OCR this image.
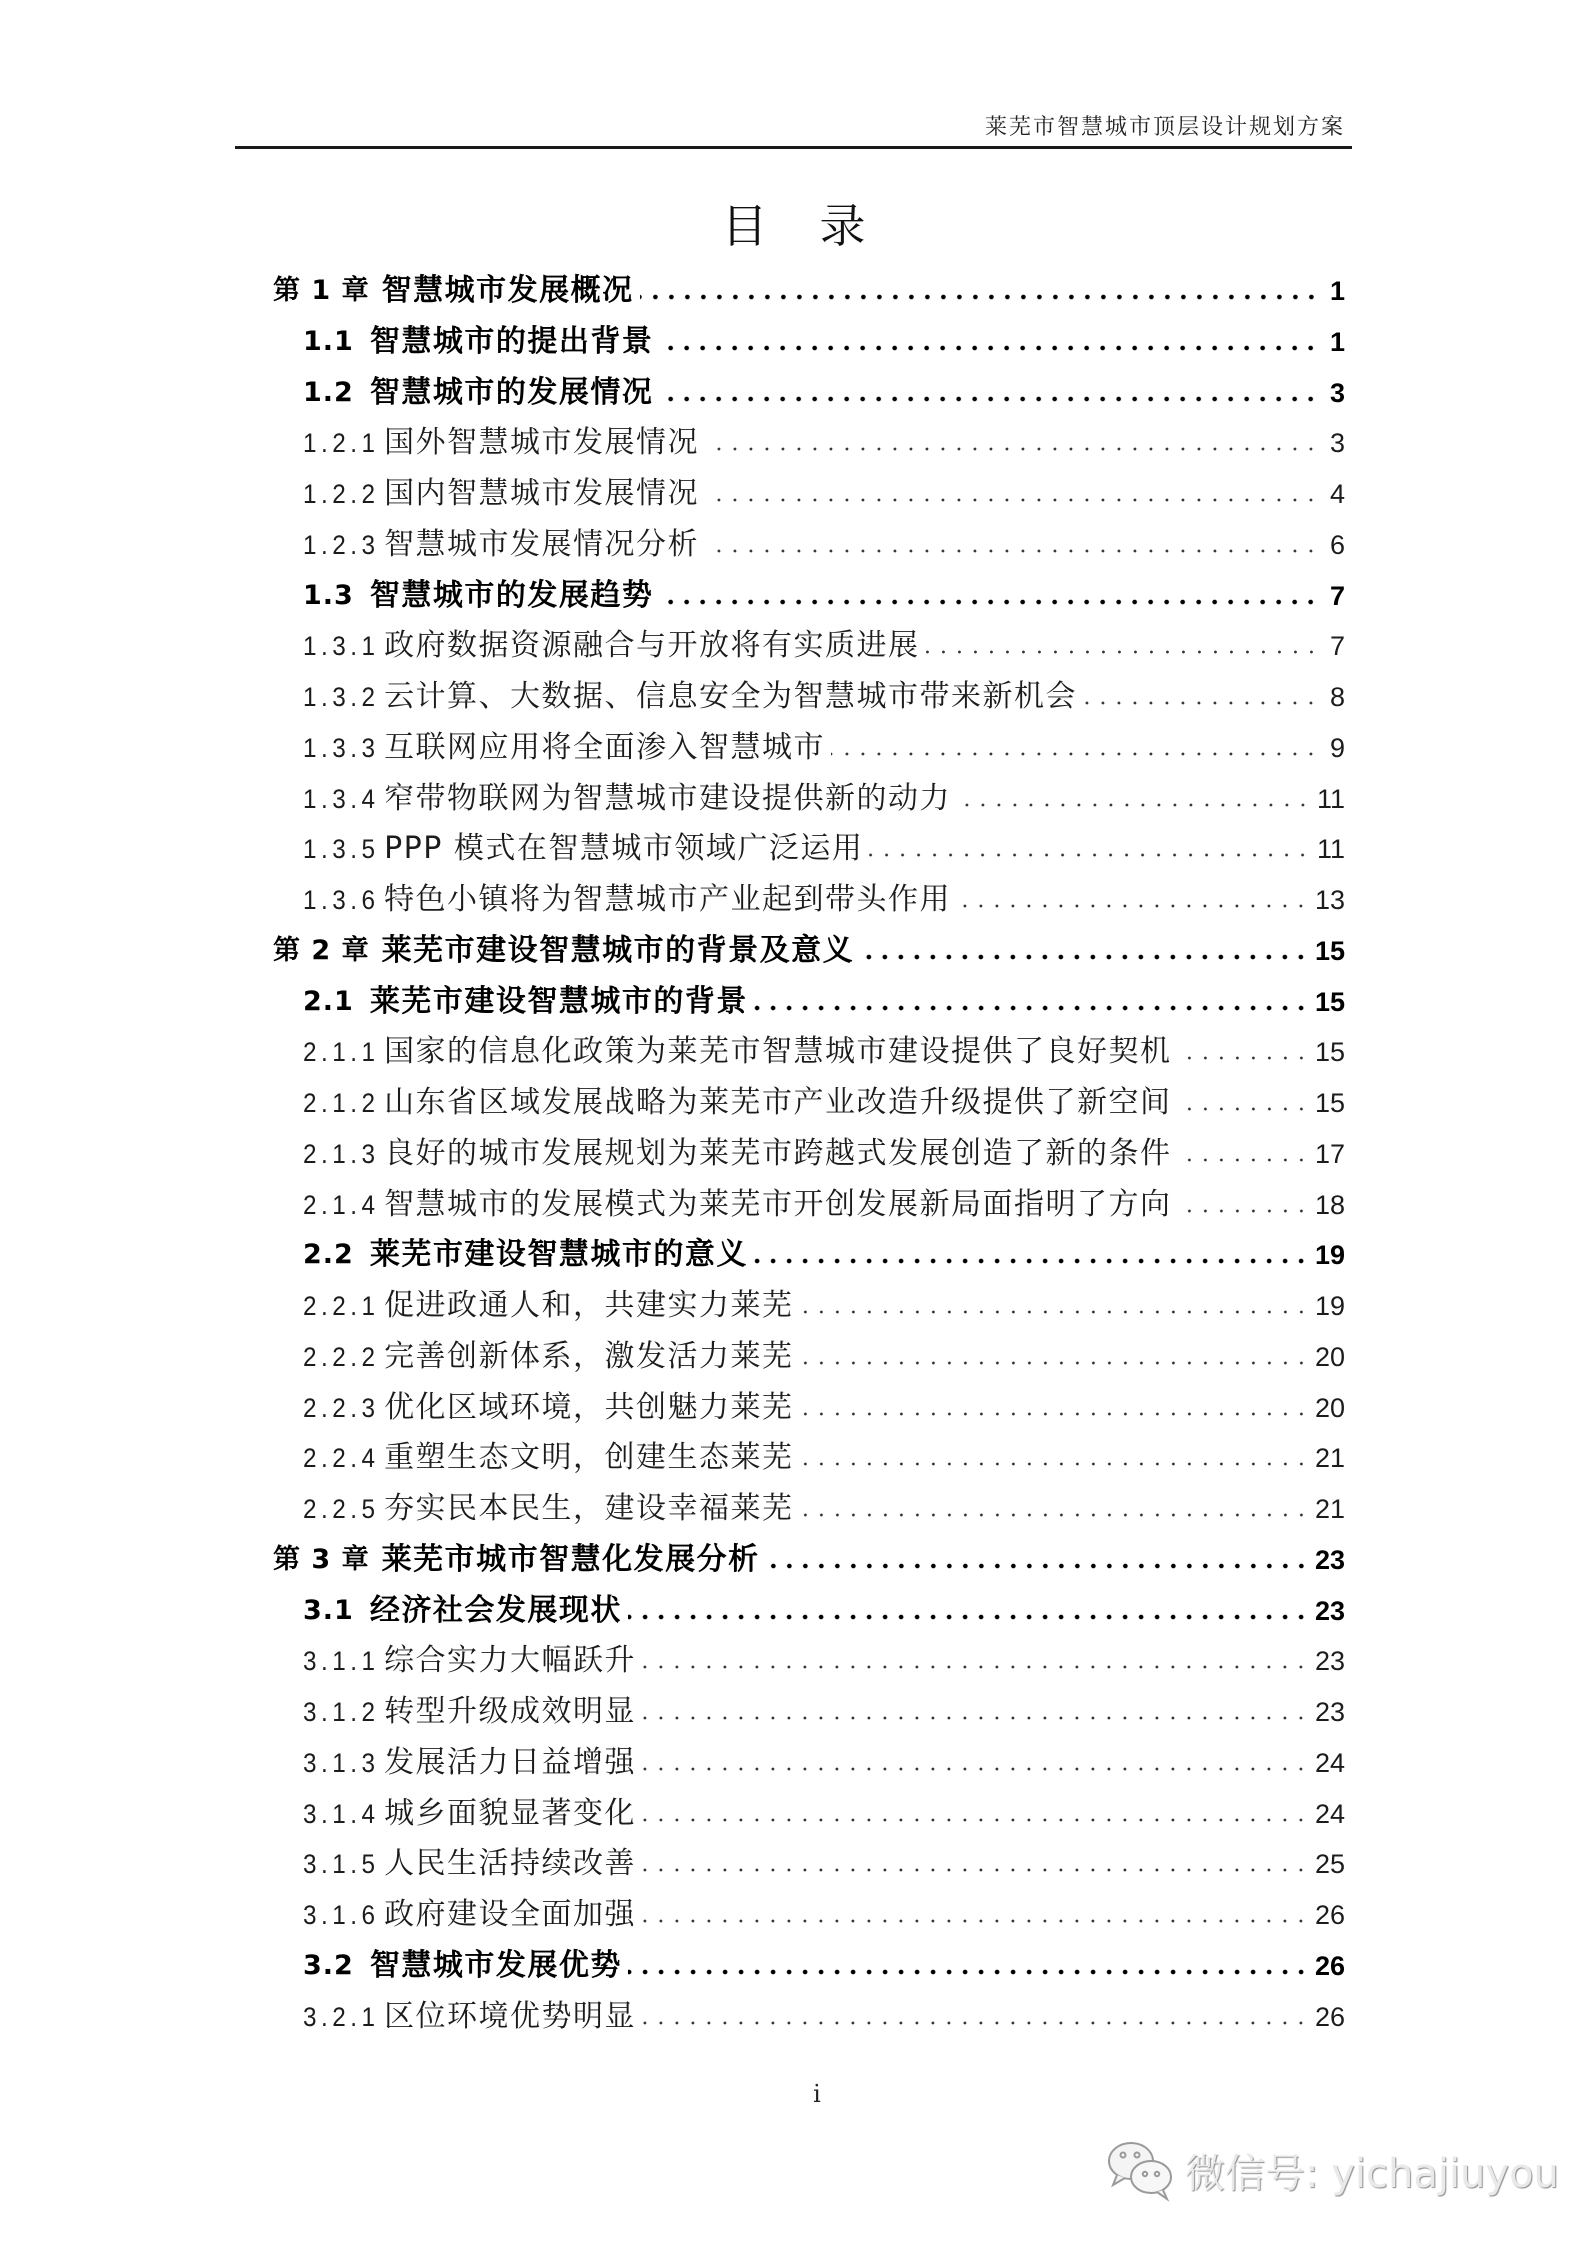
莱芜市智慧城市顶层设计规划方案
目录
第 1 章 智慧城市发展概况	1
1.1 智慧城市的提出背景	1
1.2 智慧城市的发展情况	3
1.2.1 国外智慧城市发展情况	3
1.2.2 国内智慧城市发展情况	4
1.2.3 智慧城市发展情况分析	6
1.3 智慧城市的发展趋势	7
1.3.1 政府数据资源融合与开放将有实质进展	7
1.3.2 云计算、大数据、信息安全为智慧城市带来新机会	8
1.3.3 互联网应用将全面渗入智慧城市	9
1.3.4 窄带物联网为智慧城市建设提供新的动力	11
1.3.5 PPP 模式在智慧城市领域广泛运用	11
1.3.6 特色小镇将为智慧城市产业起到带头作用	13
第 2 章 莱芜市建设智慧城市的背景及意义	15
2.1 莱芜市建设智慧城市的背景	15
2.1.1 国家的信息化政策为莱芜市智慧城市建设提供了良好契机	15
2.1.2 山东省区域发展战略为莱芜市产业改造升级提供了新空间	15
2.1.3 良好的城市发展规划为莱芜市跨越式发展创造了新的条件	17
2.1.4 智慧城市的发展模式为莱芜市开创发展新局面指明了方向	18
2.2 莱芜市建设智慧城市的意义	19
2.2.1 促进政通人和，共建实力莱芜	19
2.2.2 完善创新体系，激发活力莱芜	20
2.2.3 优化区域环境，共创魅力莱芜	20
2.2.4 重塑生态文明，创建生态莱芜	21
2.2.5 夯实民本民生，建设幸福莱芜	21
第 3 章 莱芜市城市智慧化发展分析	23
3.1 经济社会发展现状	23
3.1.1 综合实力大幅跃升	23
3.1.2 转型升级成效明显	23
3.1.3 发展活力日益增强	24
3.1.4 城乡面貌显著变化	24
3.1.5 人民生活持续改善	25
3.1.6 政府建设全面加强	26
3.2 智慧城市发展优势	26
3.2.1 区位环境优势明显	26
i
微信号: yichajiuyou
